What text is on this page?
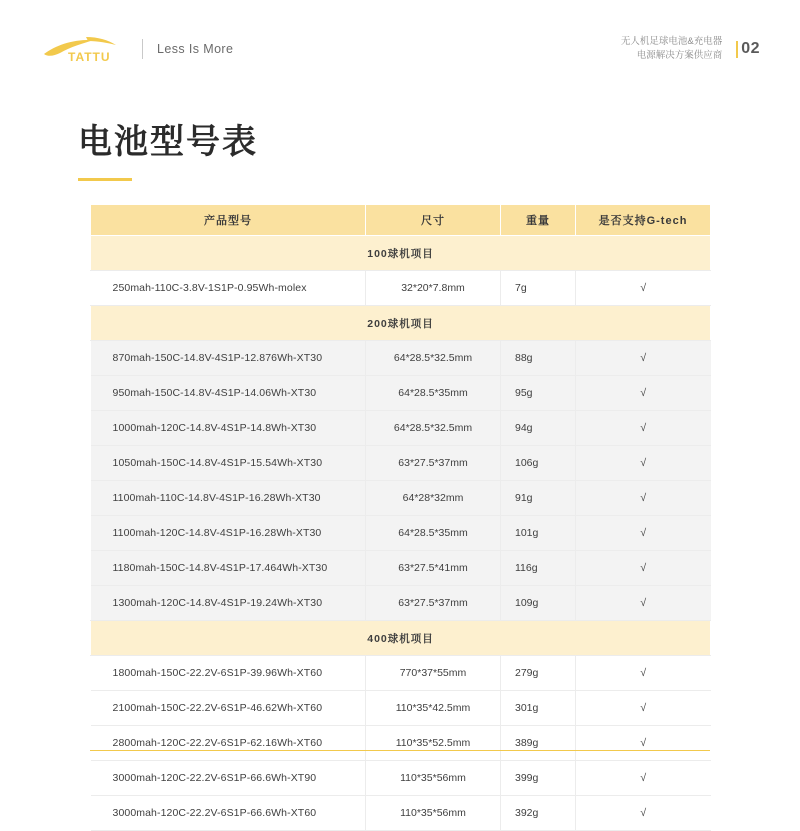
TATTU
Less Is More
无人机足球电池&充电器
电源解决方案供应商 02
电池型号表
产品型号	尺寸	重量	是否支持G-tech
100球机项目			
250mah-110C-3.8V-1S1P-0.95Wh-molex	32*20*7.8mm	7g	√
200球机项目			
870mah-150C-14.8V-4S1P-12.876Wh-XT30	64*28.5*32.5mm	88g	√
950mah-150C-14.8V-4S1P-14.06Wh-XT30	64*28.5*35mm	95g	√
1000mah-120C-14.8V-4S1P-14.8Wh-XT30	64*28.5*32.5mm	94g	√
1050mah-150C-14.8V-4S1P-15.54Wh-XT30	63*27.5*37mm	106g	√
1100mah-110C-14.8V-4S1P-16.28Wh-XT30	64*28*32mm	91g	√
1100mah-120C-14.8V-4S1P-16.28Wh-XT30	64*28.5*35mm	101g	√
1180mah-150C-14.8V-4S1P-17.464Wh-XT30	63*27.5*41mm	116g	√
1300mah-120C-14.8V-4S1P-19.24Wh-XT30	63*27.5*37mm	109g	√
400球机项目			
1800mah-150C-22.2V-6S1P-39.96Wh-XT60	770*37*55mm	279g	√
2100mah-150C-22.2V-6S1P-46.62Wh-XT60	110*35*42.5mm	301g	√
2800mah-120C-22.2V-6S1P-62.16Wh-XT60	110*35*52.5mm	389g	√
3000mah-120C-22.2V-6S1P-66.6Wh-XT90	110*35*56mm	399g	√
3000mah-120C-22.2V-6S1P-66.6Wh-XT60	110*35*56mm	392g	√
